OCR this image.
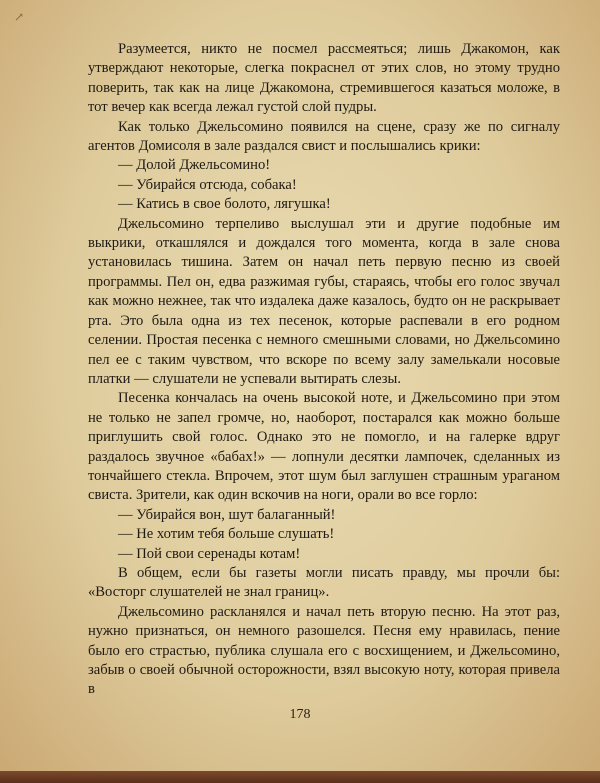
↗

Разумеется, никто не посмел рассмеяться; лишь Джакомон, как утверждают некоторые, слегка покраснел от этих слов, но этому трудно поверить, так как на лице Джакомона, стремившегося казаться моложе, в тот вечер как всегда лежал густой слой пудры.

Как только Джельсомино появился на сцене, сразу же по сигналу агентов Домисоля в зале раздался свист и послышались крики:

— Долой Джельсомино!

— Убирайся отсюда, собака!

— Катись в свое болото, лягушка!

Джельсомино терпеливо выслушал эти и другие подобные им выкрики, откашлялся и дождался того момента, когда в зале снова установилась тишина. Затем он начал петь первую песню из своей программы. Пел он, едва разжимая губы, стараясь, чтобы его голос звучал как можно нежнее, так что издалека даже казалось, будто он не раскрывает рта. Это была одна из тех песенок, которые распевали в его родном селении. Простая песенка с немного смешными словами, но Джельсомино пел ее с таким чувством, что вскоре по всему залу замелькали носовые платки — слушатели не успевали вытирать слезы.

Песенка кончалась на очень высокой ноте, и Джельсомино при этом не только не запел громче, но, наоборот, постарался как можно больше приглушить свой голос. Однако это не помогло, и на галерке вдруг раздалось звучное «бабах!» — лопнули десятки лампочек, сделанных из тончайшего стекла. Впрочем, этот шум был заглушен страшным ураганом свиста. Зрители, как один вскочив на ноги, орали во все горло:

— Убирайся вон, шут балаганный!

— Не хотим тебя больше слушать!

— Пой свои серенады котам!

В общем, если бы газеты могли писать правду, мы прочли бы: «Восторг слушателей не знал границ».

Джельсомино раскланялся и начал петь вторую песню. На этот раз, нужно признаться, он немного разошелся. Песня ему нравилась, пение было его страстью, публика слушала его с восхищением, и Джельсомино, забыв о своей обычной осторожности, взял высокую ноту, которая привела в

178
